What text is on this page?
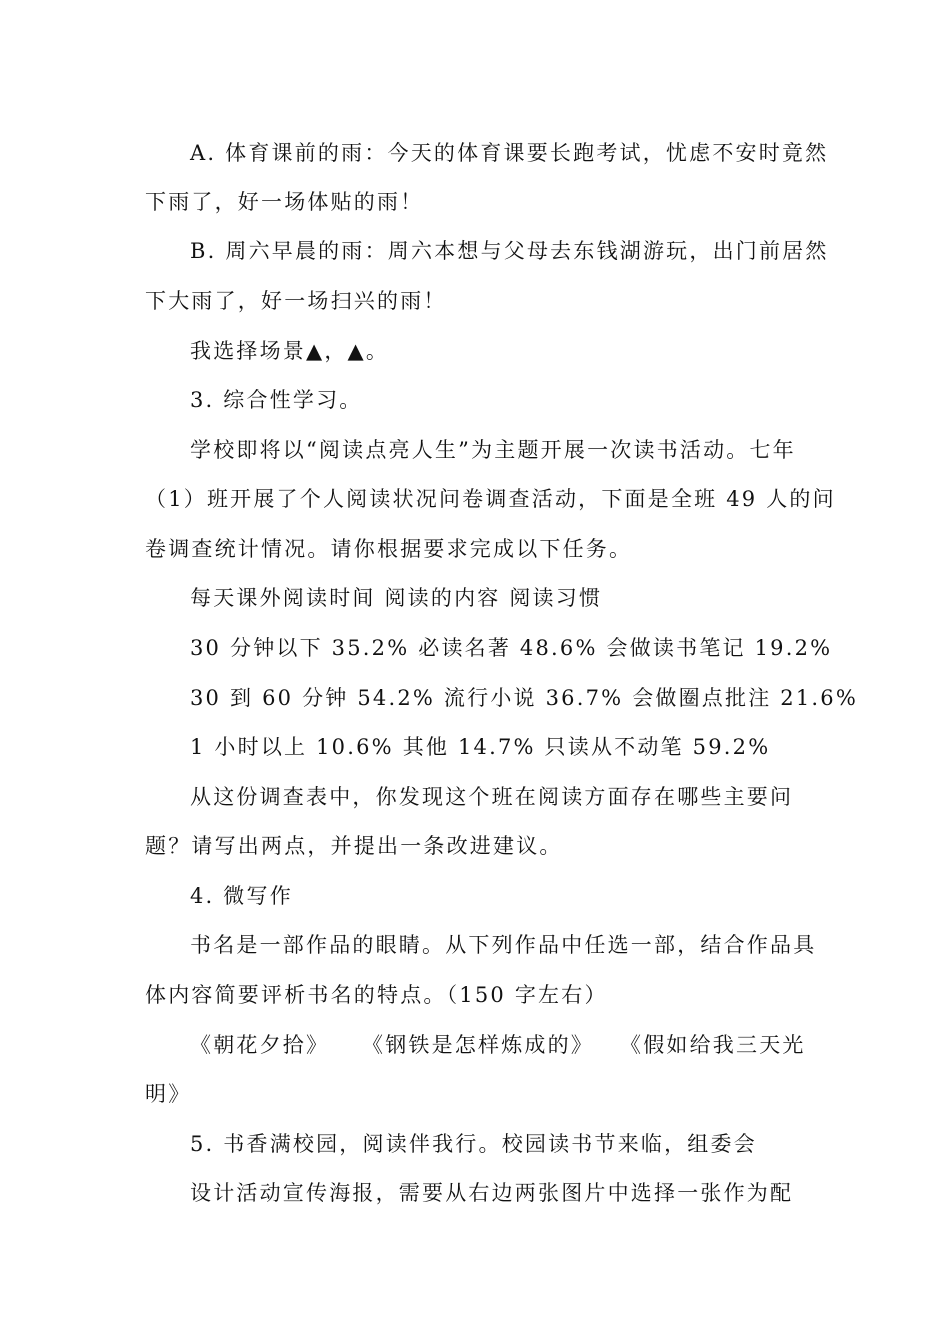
A. 体育课前的雨：今天的体育课要长跑考试，忧虑不安时竟然
下雨了，好一场体贴的雨！
B. 周六早晨的雨：周六本想与父母去东钱湖游玩，出门前居然
下大雨了，好一场扫兴的雨！
我选择场景▲，▲。
3. 综合性学习。
学校即将以“阅读点亮人生”为主题开展一次读书活动。七年
（1）班开展了个人阅读状况问卷调查活动，下面是全班 49 人的问
卷调查统计情况。请你根据要求完成以下任务。
每天课外阅读时间 阅读的内容 阅读习惯
30 分钟以下 35.2% 必读名著 48.6% 会做读书笔记 19.2%
30 到 60 分钟 54.2% 流行小说 36.7% 会做圈点批注 21.6%
1 小时以上 10.6% 其他 14.7% 只读从不动笔 59.2%
从这份调查表中，你发现这个班在阅读方面存在哪些主要问
题？请写出两点，并提出一条改进建议。
4. 微写作
书名是一部作品的眼睛。从下列作品中任选一部，结合作品具
体内容简要评析书名的特点。（150 字左右）
《朝花夕拾》 《钢铁是怎样炼成的》 《假如给我三天光
明》
5. 书香满校园，阅读伴我行。校园读书节来临，组委会
设计活动宣传海报，需要从右边两张图片中选择一张作为配
